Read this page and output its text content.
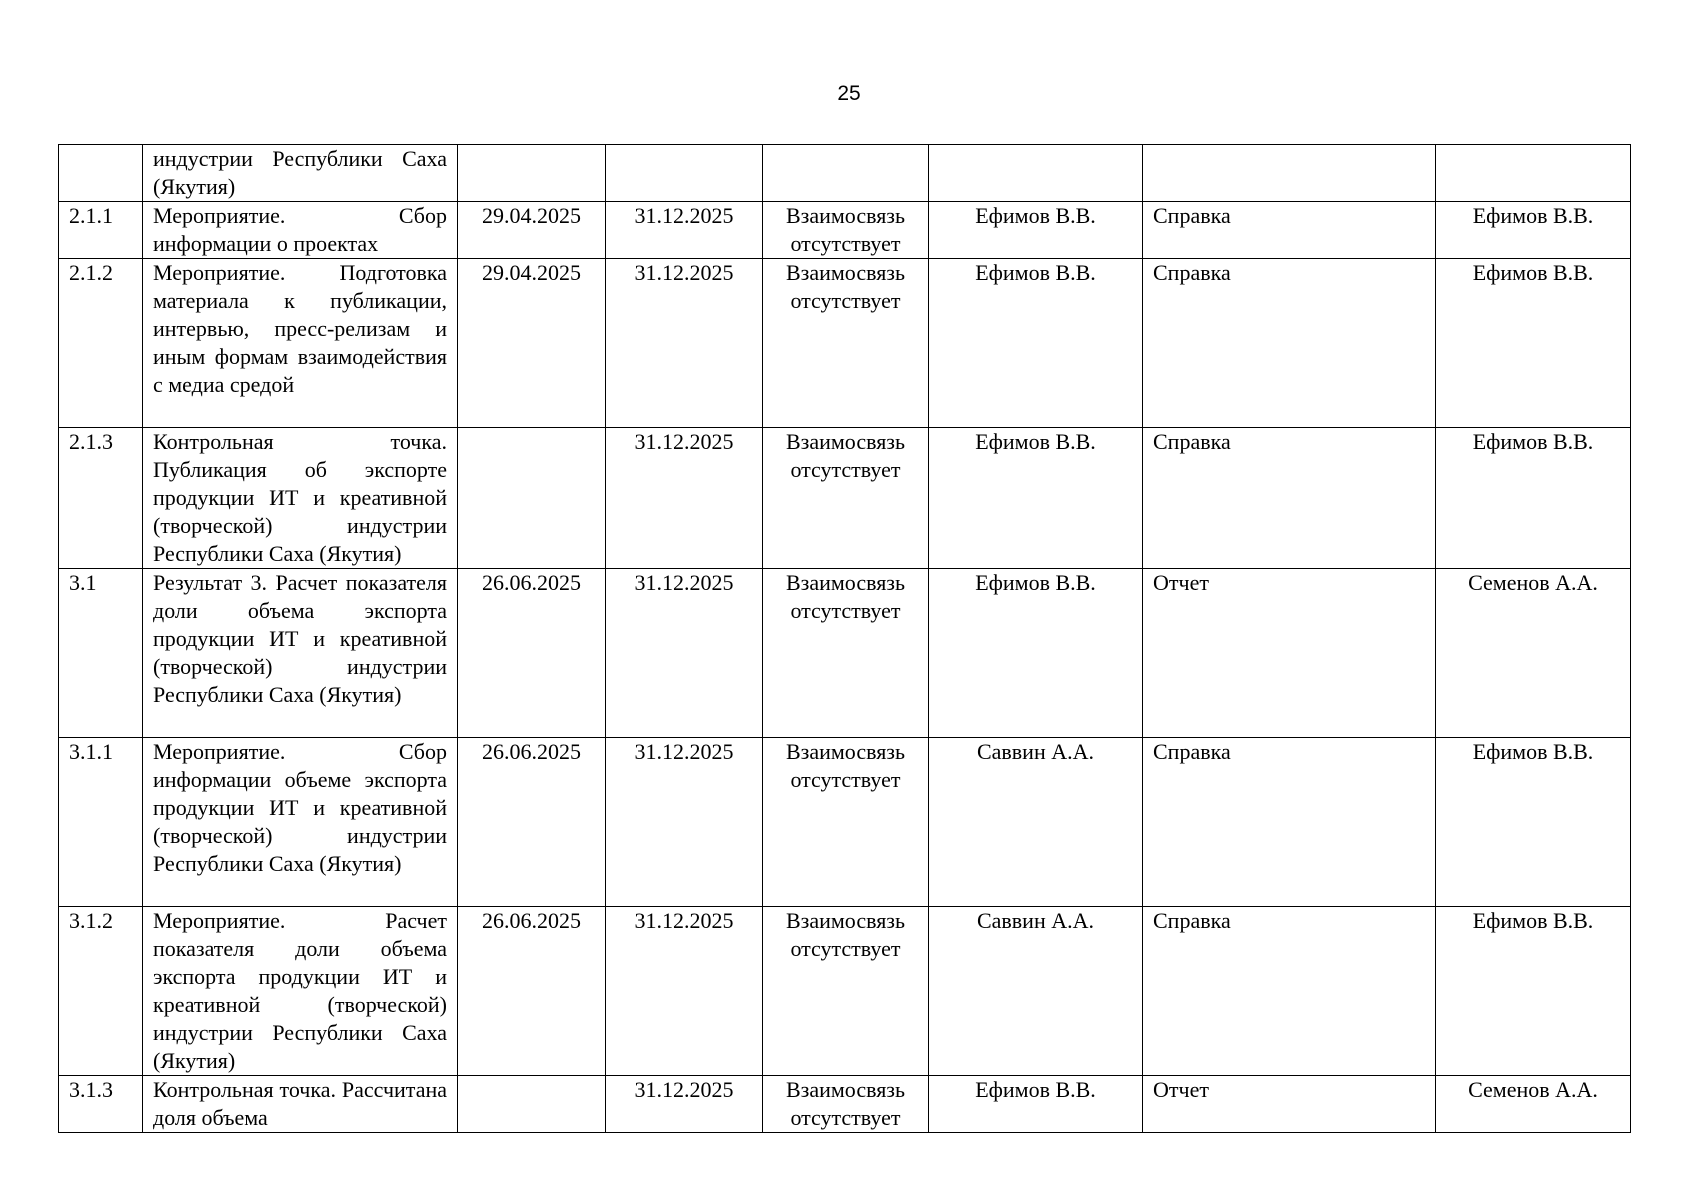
25
	индустрии Республики Саха (Якутия)						
2.1.1	Мероприятие. Сбор информации о проектах	29.04.2025	31.12.2025	Взаимосвязь отсутствует	Ефимов В.В.	Справка	Ефимов В.В.
2.1.2	Мероприятие. Подготовка материала к публикации, интервью, пресс-релизам и иным формам взаимодействия с медиа средой	29.04.2025	31.12.2025	Взаимосвязь отсутствует	Ефимов В.В.	Справка	Ефимов В.В.
2.1.3	Контрольная точка. Публикация об экспорте продукции ИТ и креативной (творческой) индустрии Республики Саха (Якутия)		31.12.2025	Взаимосвязь отсутствует	Ефимов В.В.	Справка	Ефимов В.В.
3.1	Результат 3. Расчет показателя доли объема экспорта продукции ИТ и креативной (творческой) индустрии Республики Саха (Якутия)	26.06.2025	31.12.2025	Взаимосвязь отсутствует	Ефимов В.В.	Отчет	Семенов А.А.
3.1.1	Мероприятие. Сбор информации объеме экспорта продукции ИТ и креативной (творческой) индустрии Республики Саха (Якутия)	26.06.2025	31.12.2025	Взаимосвязь отсутствует	Саввин А.А.	Справка	Ефимов В.В.
3.1.2	Мероприятие. Расчет показателя доли объема экспорта продукции ИТ и креативной (творческой) индустрии Республики Саха (Якутия)	26.06.2025	31.12.2025	Взаимосвязь отсутствует	Саввин А.А.	Справка	Ефимов В.В.
3.1.3	Контрольная точка. Рассчитана доля объема		31.12.2025	Взаимосвязь отсутствует	Ефимов В.В.	Отчет	Семенов А.А.
